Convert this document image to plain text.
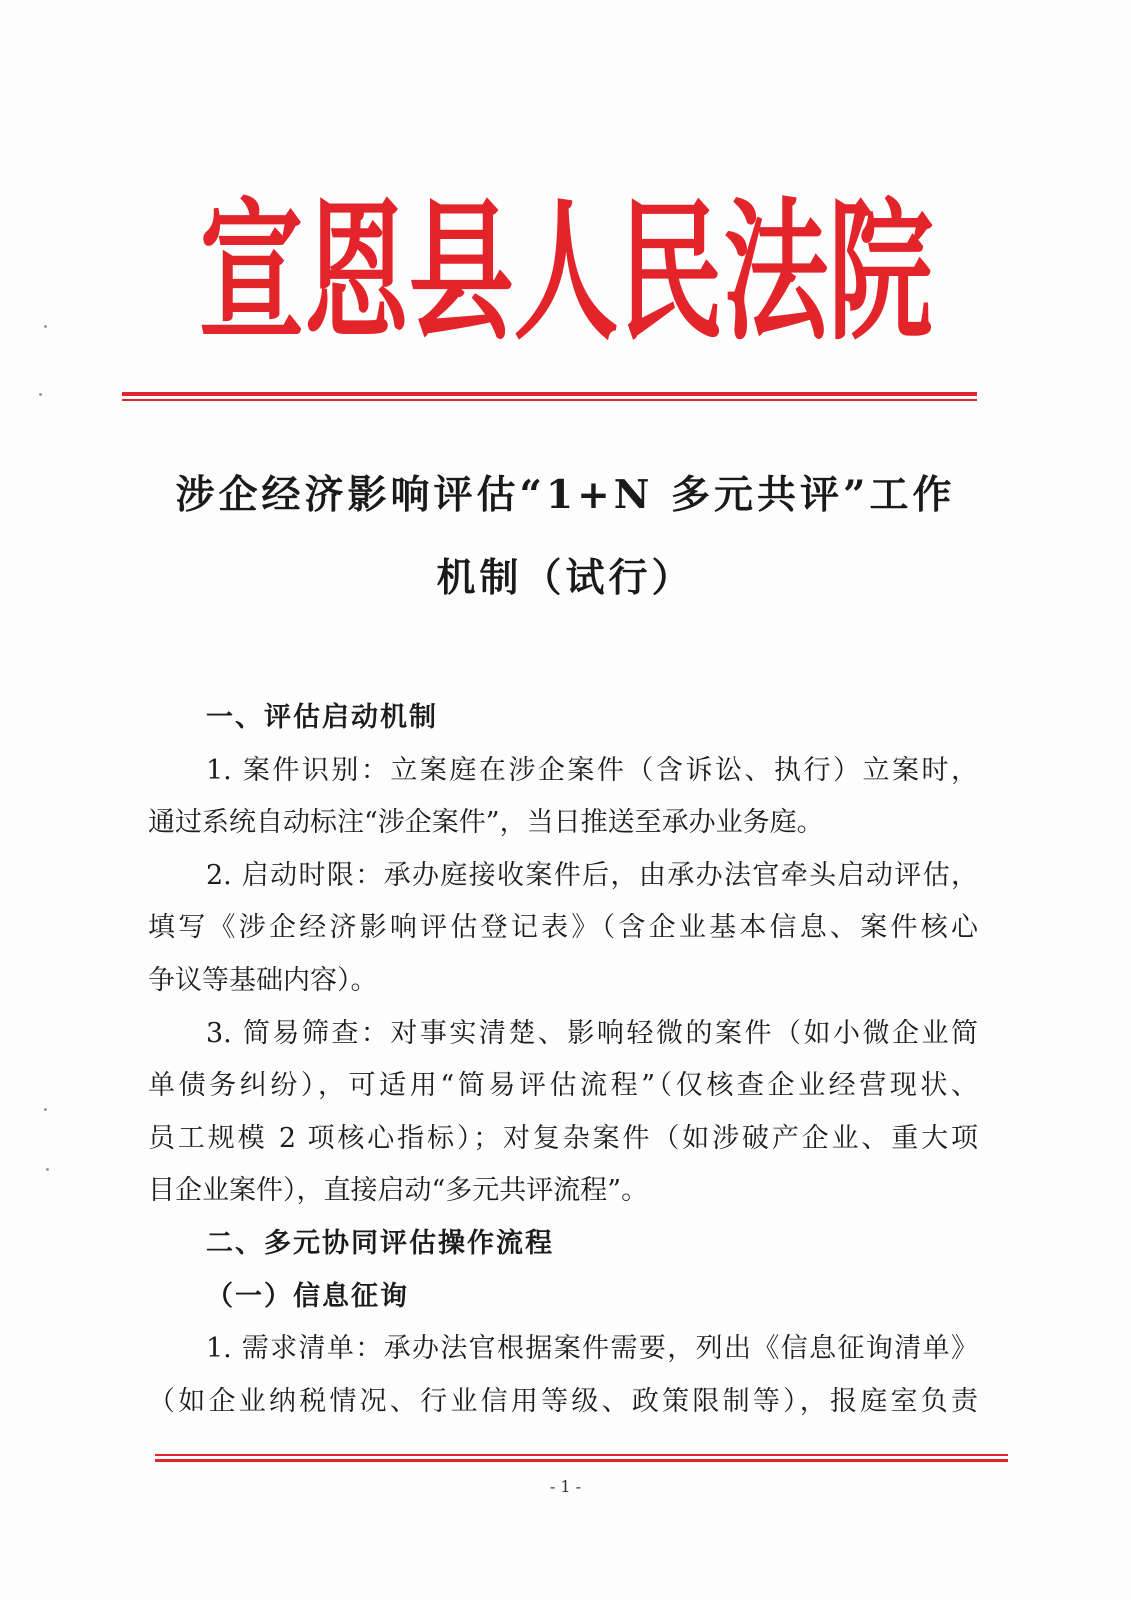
宣恩县人民法院
涉企经济影响评估“1+N 多元共评”工作
机制（试行）
一、评估启动机制
1. 案件识别：立案庭在涉企案件（含诉讼、执行）立案时，
通过系统自动标注“涉企案件”，当日推送至承办业务庭。
2. 启动时限：承办庭接收案件后，由承办法官牵头启动评估，
填写《涉企经济影响评估登记表》（含企业基本信息、案件核心
争议等基础内容）。
3. 简易筛查：对事实清楚、影响轻微的案件（如小微企业简
单债务纠纷），可适用“简易评估流程”（仅核查企业经营现状、
员工规模 2 项核心指标）；对复杂案件（如涉破产企业、重大项
目企业案件），直接启动“多元共评流程”。
二、多元协同评估操作流程
（一）信息征询
1. 需求清单：承办法官根据案件需要，列出《信息征询清单》
（如企业纳税情况、行业信用等级、政策限制等），报庭室负责
- 1 -
